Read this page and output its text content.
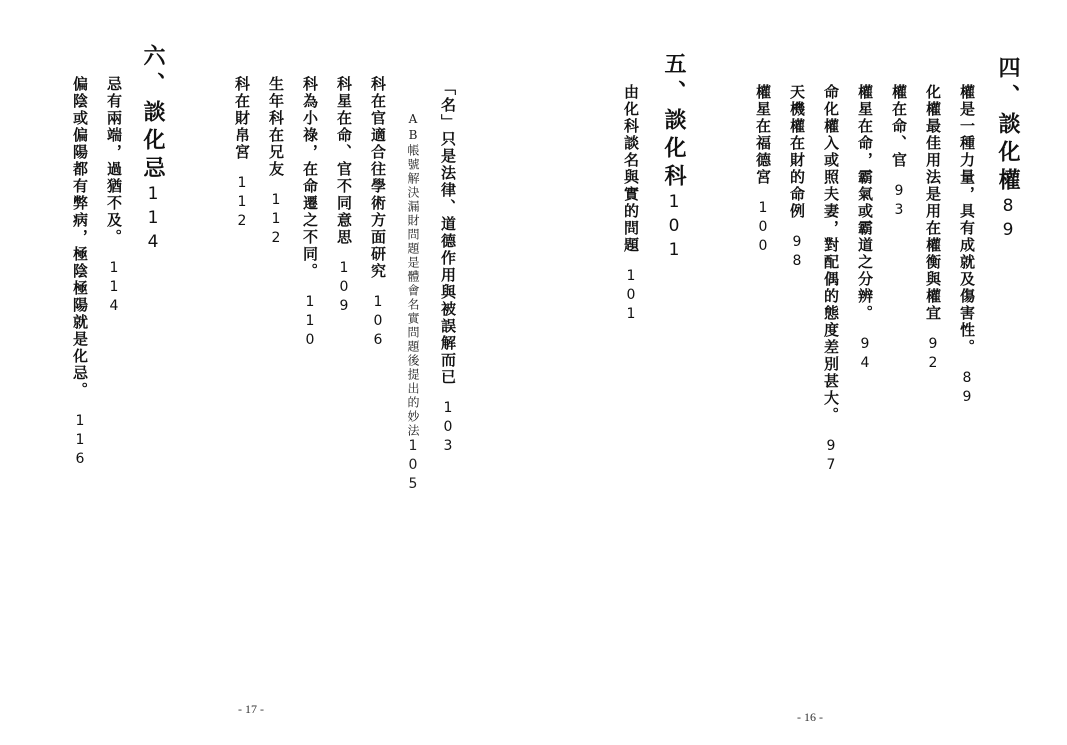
「名」只是法律、道德作用與被誤解而已103
AB帳號解決漏財問題是體會名實問題後提出的妙法105
科在官適合往學術方面研究106
科星在命、官不同意思109
科為小祿，在命遷之不同。110
生年科在兄友112
科在財帛宮112
六、談化忌114
忌有兩端，過猶不及。114
偏陰或偏陽都有弊病，極陰極陽就是化忌。116
- 17 -
四、談化權89
權是一種力量，具有成就及傷害性。89
化權最佳用法是用在權衡與權宜92
權在命、官93
權星在命，霸氣或霸道之分辨。94
命化權入或照夫妻，對配偶的態度差別甚大。97
天機權在財的命例98
權星在福德宮100
五、談化科101
由化科談名與實的問題101
- 16 -
